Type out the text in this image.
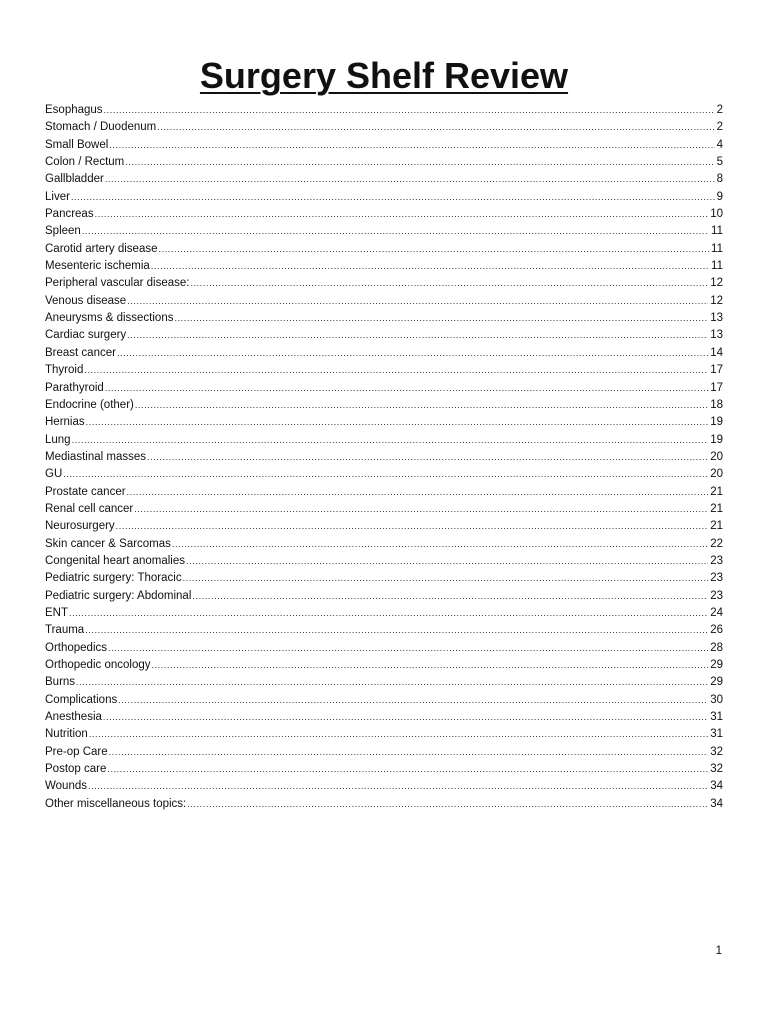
Surgery Shelf Review
Esophagus .....	2
Stomach / Duodenum .....	2
Small Bowel .....	4
Colon / Rectum .....	5
Gallbladder .....	8
Liver .....	9
Pancreas .....	10
Spleen .....	11
Carotid artery disease .....	11
Mesenteric ischemia .....	11
Peripheral vascular disease: .....	12
Venous disease .....	12
Aneurysms & dissections .....	13
Cardiac surgery .....	13
Breast cancer .....	14
Thyroid .....	17
Parathyroid .....	17
Endocrine (other) .....	18
Hernias .....	19
Lung .....	19
Mediastinal masses .....	20
GU .....	20
Prostate cancer .....	21
Renal cell cancer .....	21
Neurosurgery .....	21
Skin cancer & Sarcomas .....	22
Congenital heart anomalies .....	23
Pediatric surgery: Thoracic .....	23
Pediatric surgery: Abdominal .....	23
ENT .....	24
Trauma .....	26
Orthopedics .....	28
Orthopedic oncology .....	29
Burns .....	29
Complications .....	30
Anesthesia .....	31
Nutrition .....	31
Pre-op Care .....	32
Postop care .....	32
Wounds .....	34
Other miscellaneous topics: .....	34
1
